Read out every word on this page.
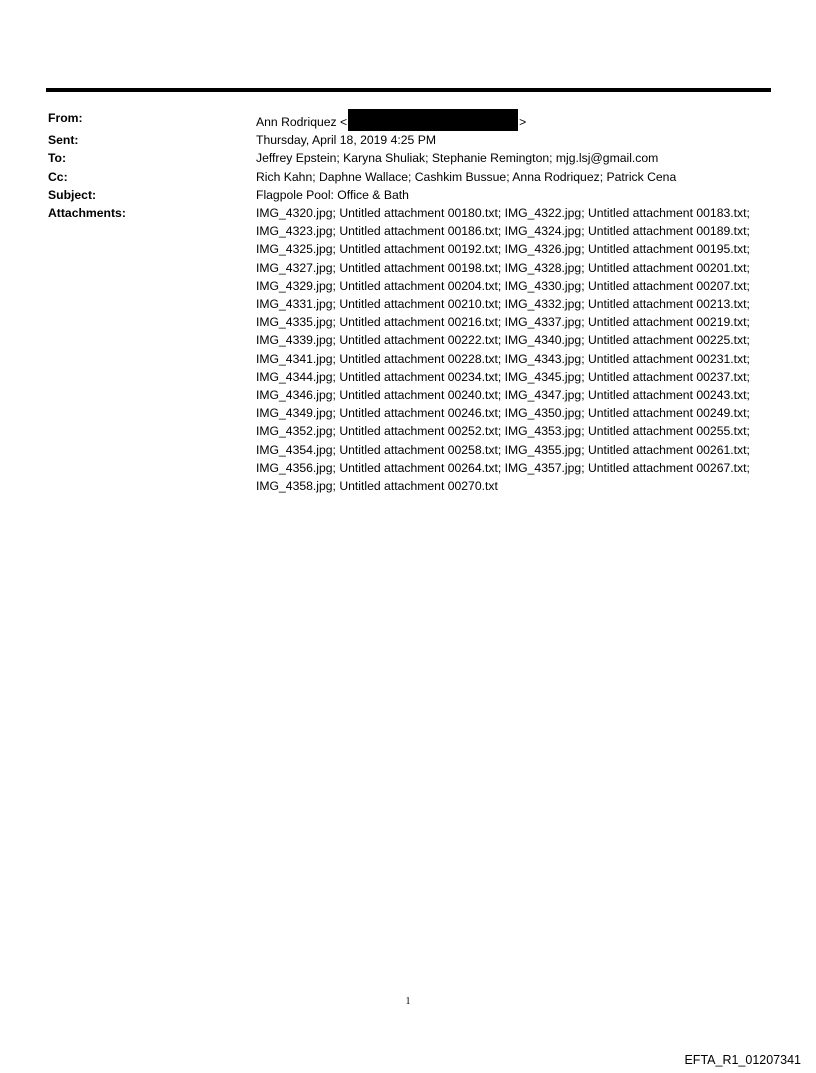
From:	Ann Rodriquez <	>
Sent:	Thursday, April 18, 2019 4:25 PM
To:	Jeffrey Epstein; Karyna Shuliak; Stephanie Remington; mjg.lsj@gmail.com
Cc:	Rich Kahn; Daphne Wallace; Cashkim Bussue; Anna Rodriquez; Patrick Cena
Subject:	Flagpole Pool: Office & Bath
Attachments:	IMG_4320.jpg; Untitled attachment 00180.txt; IMG_4322.jpg; Untitled attachment 00183.txt; IMG_4323.jpg; Untitled attachment 00186.txt; IMG_4324.jpg; Untitled attachment 00189.txt; IMG_4325.jpg; Untitled attachment 00192.txt; IMG_4326.jpg; Untitled attachment 00195.txt; IMG_4327.jpg; Untitled attachment 00198.txt; IMG_4328.jpg; Untitled attachment 00201.txt; IMG_4329.jpg; Untitled attachment 00204.txt; IMG_4330.jpg; Untitled attachment 00207.txt; IMG_4331.jpg; Untitled attachment 00210.txt; IMG_4332.jpg; Untitled attachment 00213.txt; IMG_4335.jpg; Untitled attachment 00216.txt; IMG_4337.jpg; Untitled attachment 00219.txt; IMG_4339.jpg; Untitled attachment 00222.txt; IMG_4340.jpg; Untitled attachment 00225.txt; IMG_4341.jpg; Untitled attachment 00228.txt; IMG_4343.jpg; Untitled attachment 00231.txt; IMG_4344.jpg; Untitled attachment 00234.txt; IMG_4345.jpg; Untitled attachment 00237.txt; IMG_4346.jpg; Untitled attachment 00240.txt; IMG_4347.jpg; Untitled attachment 00243.txt; IMG_4349.jpg; Untitled attachment 00246.txt; IMG_4350.jpg; Untitled attachment 00249.txt; IMG_4352.jpg; Untitled attachment 00252.txt; IMG_4353.jpg; Untitled attachment 00255.txt; IMG_4354.jpg; Untitled attachment 00258.txt; IMG_4355.jpg; Untitled attachment 00261.txt; IMG_4356.jpg; Untitled attachment 00264.txt; IMG_4357.jpg; Untitled attachment 00267.txt; IMG_4358.jpg; Untitled attachment 00270.txt
1
EFTA_R1_01207341
